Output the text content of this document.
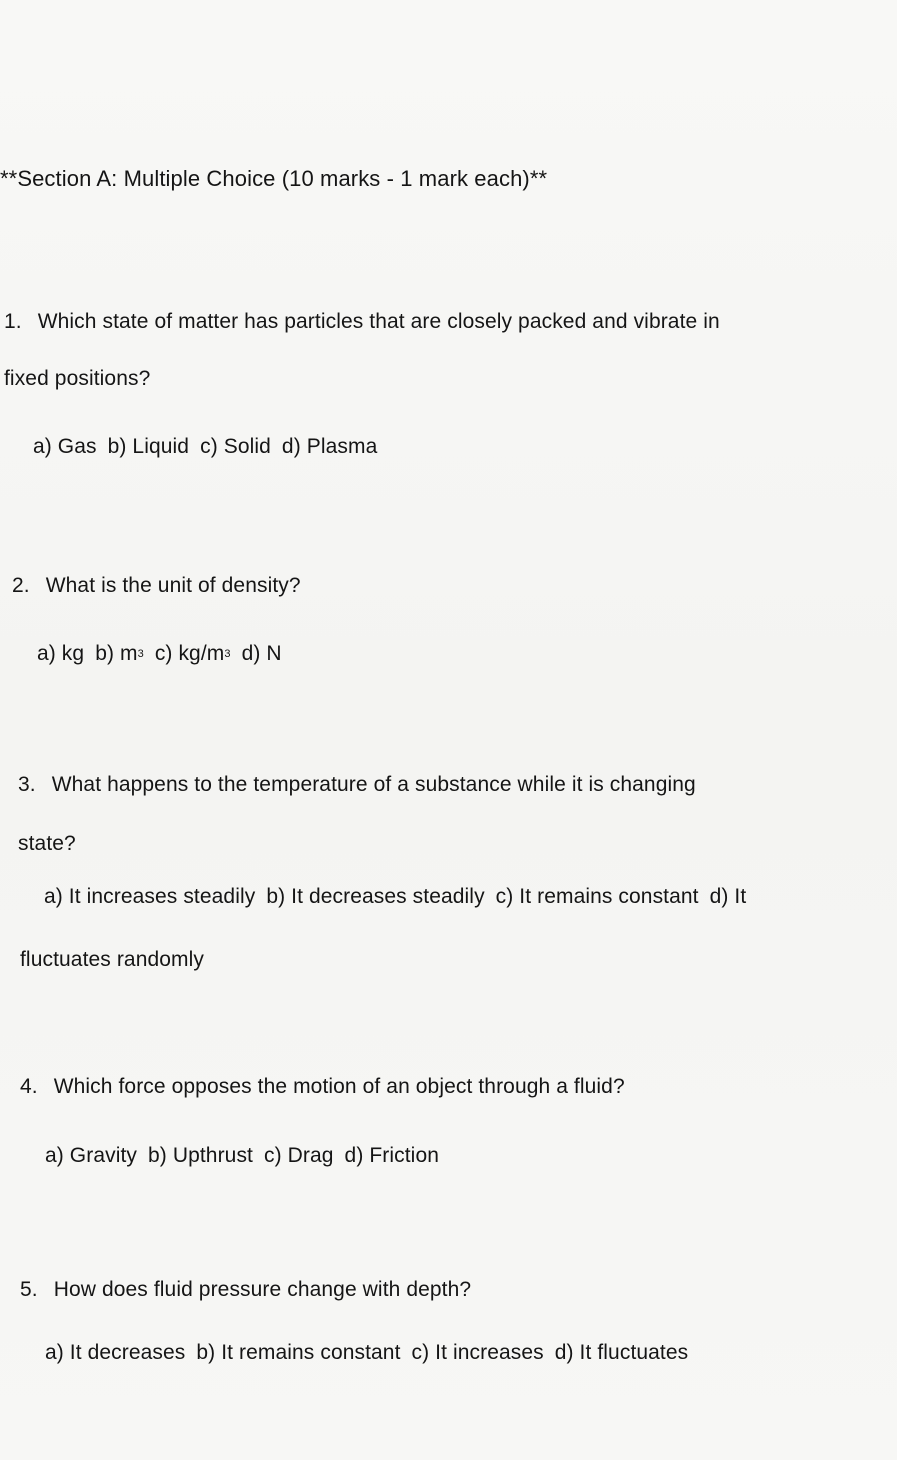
**Section A: Multiple Choice (10 marks - 1 mark each)**
1. Which state of matter has particles that are closely packed and vibrate in
fixed positions?
a) Gas b) Liquid c) Solid d) Plasma
2. What is the unit of density?
a) kg b) $m^3$ c) $kg/m^3$ d) N
3. What happens to the temperature of a substance while it is changing
state?
a) It increases steadily b) It decreases steadily c) It remains constant d) It
fluctuates randomly
4. Which force opposes the motion of an object through a fluid?
a) Gravity b) Upthrust c) Drag d) Friction
5. How does fluid pressure change with depth?
a) It decreases b) It remains constant c) It increases d) It fluctuates
